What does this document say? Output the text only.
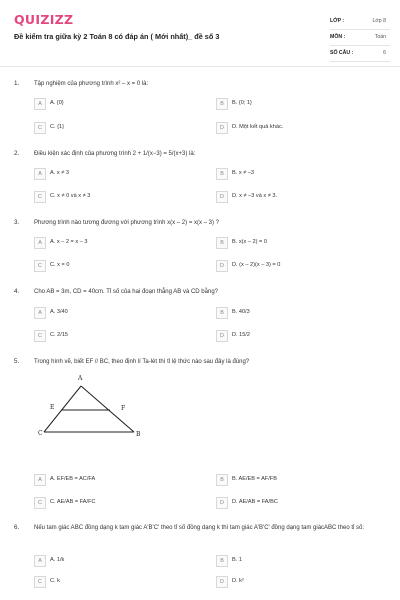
QUIZIZZ
Đề kiểm tra giữa kỳ 2 Toán 8 có đáp án ( Mới nhất)_ đề số 3
LỚP :	Lớp 8
MÔN :	Toán
SỐ CÂU :	6
1. Tập nghiệm của phương trình x² – x = 0 là:
A	A. {0}	B	B. {0; 1}
C	C. {1}	D	D. Một kết quả khác.
2. Điều kiện xác định của phương trình 2 + 1/(x−3) = 5/(x+3) là:
A	A. x ≠ 3	B	B. x ≠ –3
C	C. x ≠ 0 và x ≠ 3	D	D. x ≠ –3 và x ≠ 3.
3. Phương trình nào tương đương với phương trình x(x – 2) = x(x – 3) ?
A	A. x – 2 = x – 3	B	B. x(x – 2) = 0
C	C. x = 0	D	D. (x – 2)(x – 3) = 0
4. Cho AB = 3m, CD = 40cm. Tỉ số của hai đoạn thẳng AB và CD bằng?
A	A. 3/40	B	B. 40/3
C	C. 2/15	D	D. 15/2
5. Trong hình vẽ, biết EF // BC, theo định lí Ta-lét thì tỉ lệ thức nào sau đây là đúng?
A
E	F
C	B
A	A. EF/EB = AC/FA	B	B. AE/EB = AF/FB
C	C. AE/AB = FA/FC	D	D. AE/AB = FA/BC
6. Nếu tam giác ABC đồng dạng k tam giác A'B'C' theo tỉ số đồng dạng k thì tam giác A'B'C' đồng dạng tam giácABC theo tỉ số:
A	A. 1/k	B	B. 1
C	C. k	D	D. k²
